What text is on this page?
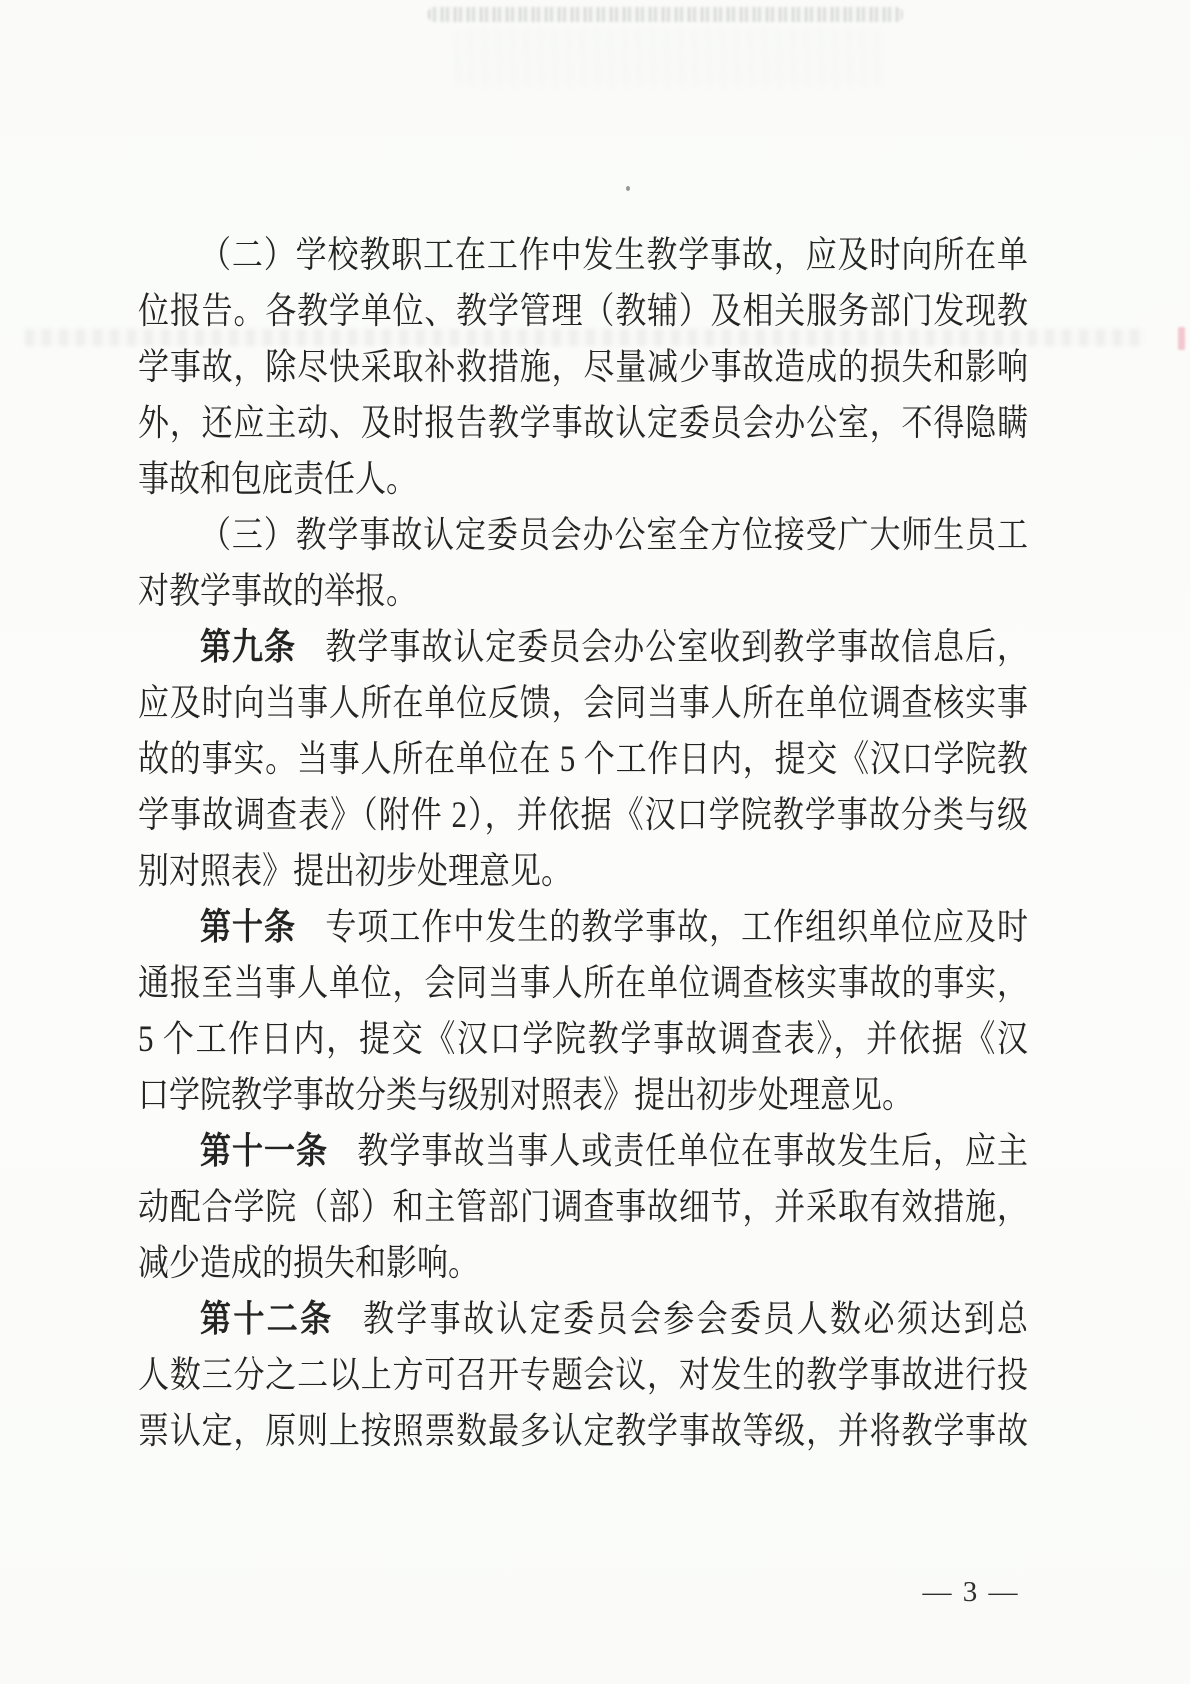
（二）学校教职工在工作中发生教学事故，应及时向所在单
位报告。各教学单位、教学管理（教辅）及相关服务部门发现教
学事故，除尽快采取补救措施，尽量减少事故造成的损失和影响
外，还应主动、及时报告教学事故认定委员会办公室，不得隐瞒
事故和包庇责任人。
（三）教学事故认定委员会办公室全方位接受广大师生员工
对教学事故的举报。
第九条 教学事故认定委员会办公室收到教学事故信息后，
应及时向当事人所在单位反馈，会同当事人所在单位调查核实事
故的事实。当事人所在单位在 5 个工作日内，提交《汉口学院教
学事故调查表》（附件 2），并依据《汉口学院教学事故分类与级
别对照表》提出初步处理意见。
第十条 专项工作中发生的教学事故，工作组织单位应及时
通报至当事人单位，会同当事人所在单位调查核实事故的事实，
5 个工作日内，提交《汉口学院教学事故调查表》，并依据《汉
口学院教学事故分类与级别对照表》提出初步处理意见。
第十一条 教学事故当事人或责任单位在事故发生后，应主
动配合学院（部）和主管部门调查事故细节，并采取有效措施，
减少造成的损失和影响。
第十二条 教学事故认定委员会参会委员人数必须达到总
人数三分之二以上方可召开专题会议，对发生的教学事故进行投
票认定，原则上按照票数最多认定教学事故等级，并将教学事故
— 3 —
